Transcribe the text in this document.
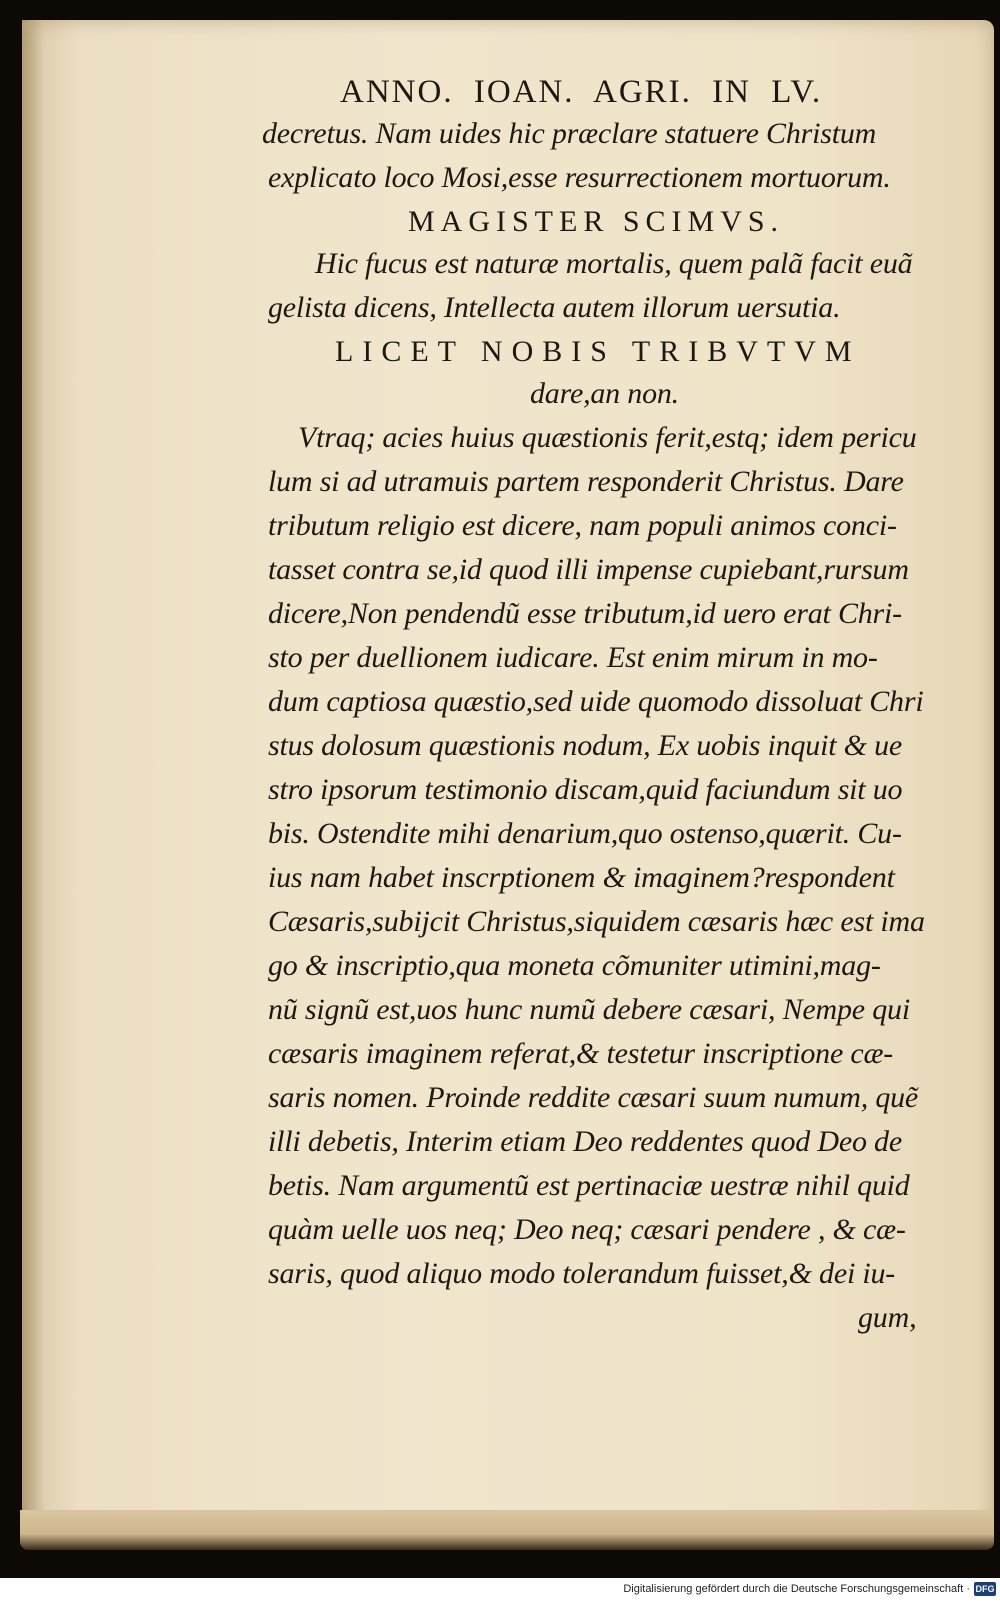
ANNO. IOAN. AGRI. IN LV.

decretus. Nam uides hic præclare statuere Christum

explicato loco Mosi,esse resurrectionem mortuorum.

MAGISTER SCIMVS.

Hic fucus est naturæ mortalis, quem palã facit euã

gelista dicens, Intellecta autem illorum uersutia.

LICET NOBIS TRIBVTVM

dare,an non.

Vtraq; acies huius quæstionis ferit,estq; idem pericu

lum si ad utramuis partem responderit Christus. Dare

tributum religio est dicere, nam populi animos conci-

tasset contra se,id quod illi impense cupiebant,rursum

dicere,Non pendendũ esse tributum,id uero erat Chri-

sto per duellionem iudicare. Est enim mirum in mo-

dum captiosa quæstio,sed uide quomodo dissoluat Chri

stus dolosum quæstionis nodum, Ex uobis inquit & ue

stro ipsorum testimonio discam,quid faciundum sit uo

bis. Ostendite mihi denarium,quo ostenso,quærit. Cu-

ius nam habet inscrptionem & imaginem?respondent

Cæsaris,subijcit Christus,siquidem cæsaris hæc est ima

go & inscriptio,qua moneta cõmuniter utimini,mag-

nũ signũ est,uos hunc numũ debere cæsari, Nempe qui

cæsaris imaginem referat,& testetur inscriptione cæ-

saris nomen. Proinde reddite cæsari suum numum, quẽ

illi debetis, Interim etiam Deo reddentes quod Deo de

betis. Nam argumentũ est pertinaciæ uestræ nihil quid

quàm uelle uos neq; Deo neq; cæsari pendere , & cæ-

saris, quod aliquo modo tolerandum fuisset,& dei iu-

gum,

Digitalisierung gefördert durch die Deutsche Forschungsgemeinschaft · DFG
